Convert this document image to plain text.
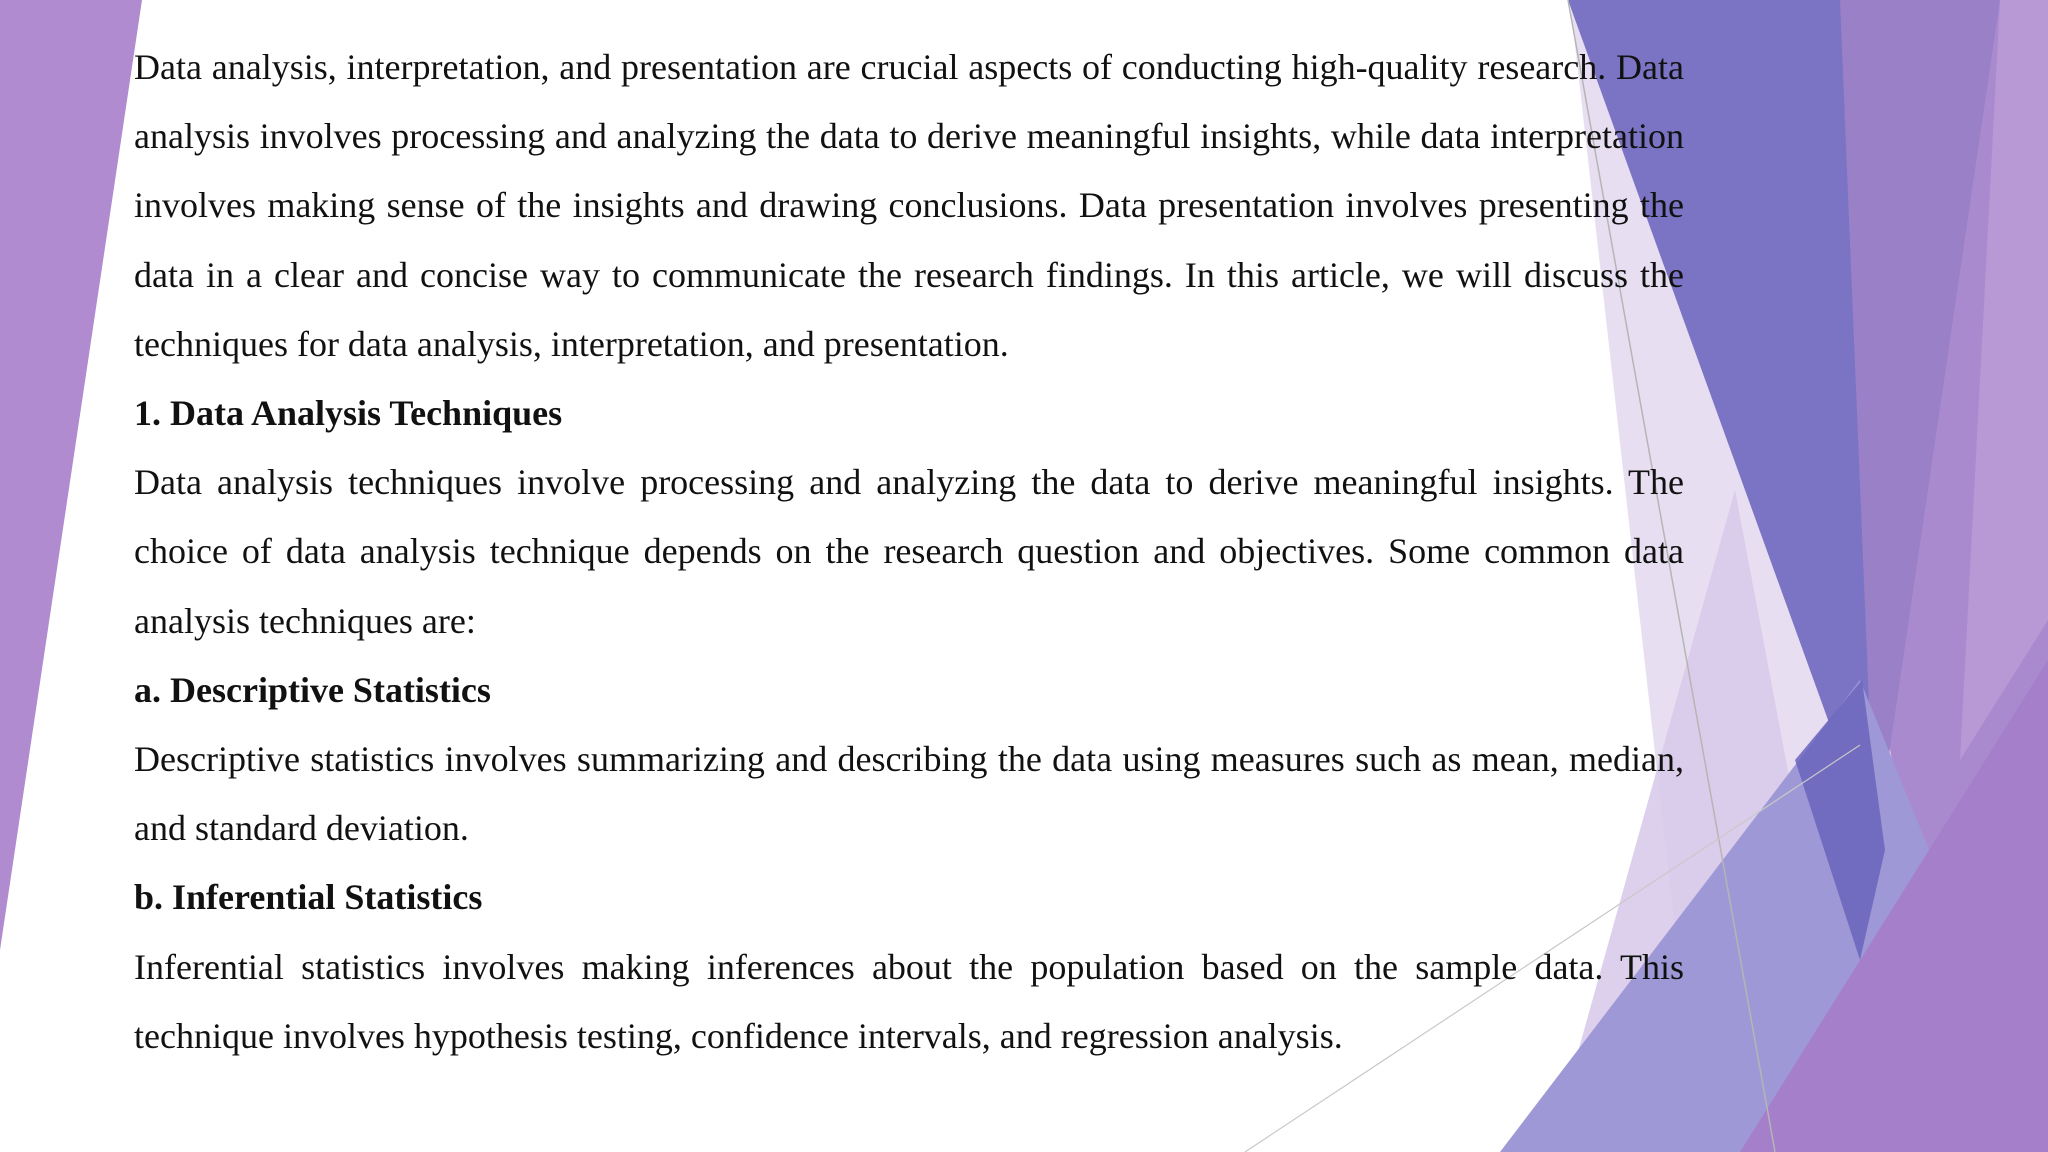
Data analysis, interpretation, and presentation are crucial aspects of conducting high-quality research. Data analysis involves processing and analyzing the data to derive meaningful insights, while data interpretation involves making sense of the insights and drawing conclusions. Data presentation involves presenting the data in a clear and concise way to communicate the research findings. In this article, we will discuss the techniques for data analysis, interpretation, and presentation.

1. Data Analysis Techniques

Data analysis techniques involve processing and analyzing the data to derive meaningful insights. The choice of data analysis technique depends on the research question and objectives. Some common data analysis techniques are:

a. Descriptive Statistics

Descriptive statistics involves summarizing and describing the data using measures such as mean, median, and standard deviation.

b. Inferential Statistics

Inferential statistics involves making inferences about the population based on the sample data. This technique involves hypothesis testing, confidence intervals, and regression analysis.
